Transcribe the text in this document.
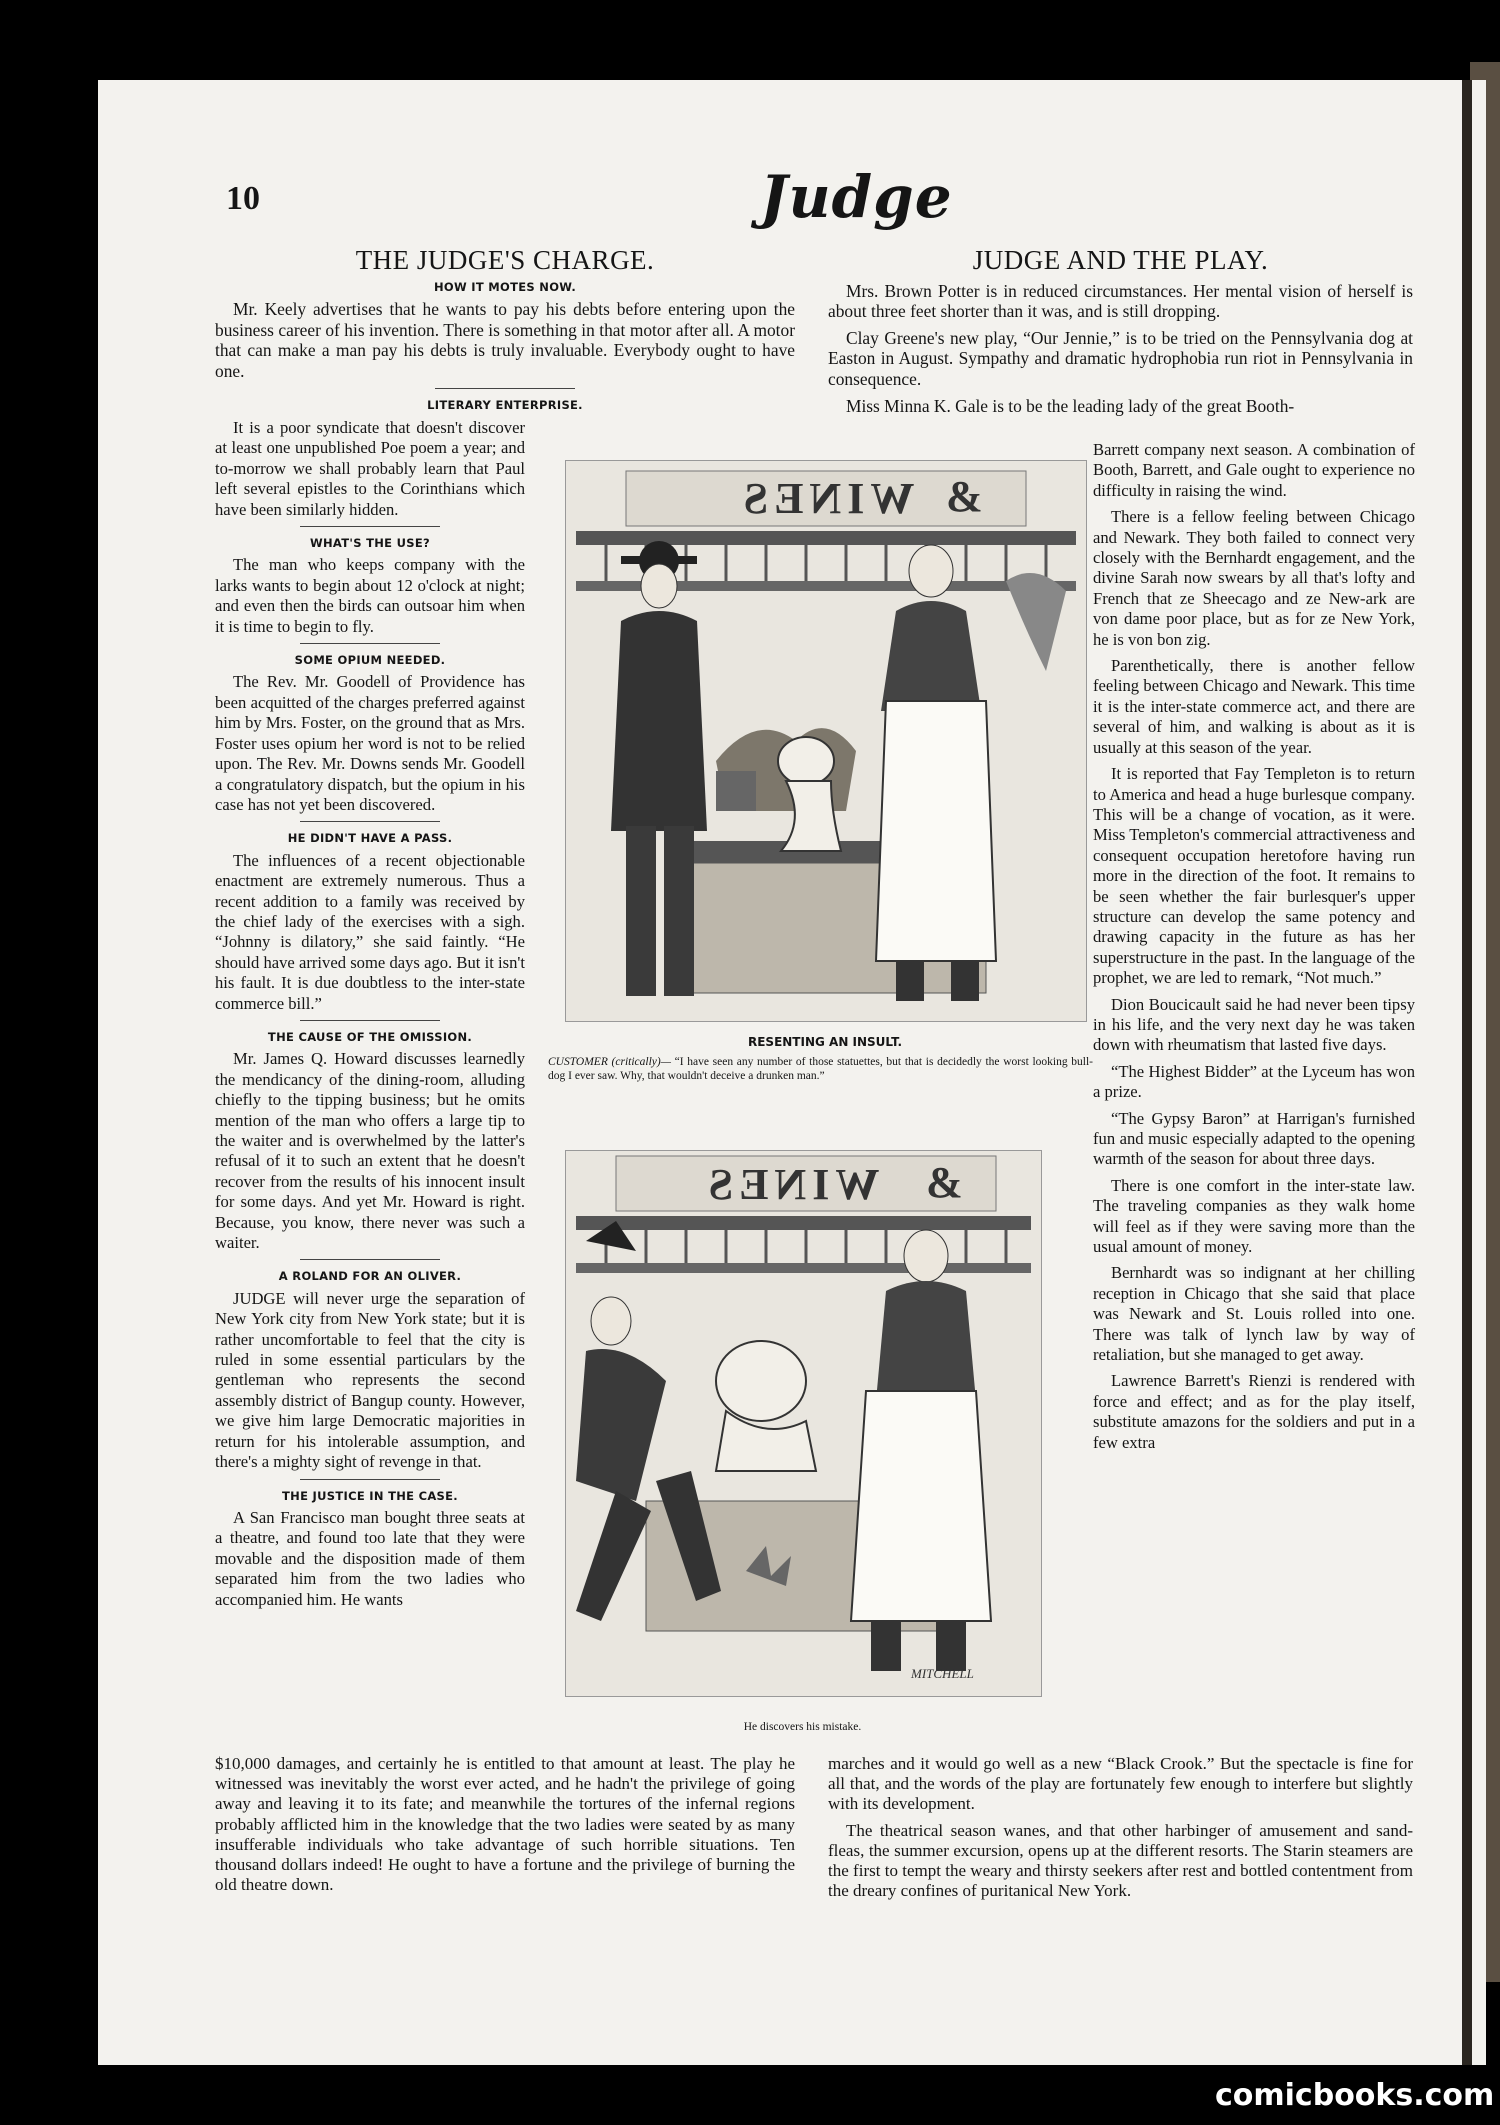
10	Judge
THE JUDGE'S CHARGE.
HOW IT MOTES NOW.

Mr. Keely advertises that he wants to pay his debts before entering upon the business career of his invention. There is something in that motor after all. A motor that can make a man pay his debts is truly invaluable. Everybody ought to have one.

LITERARY ENTERPRISE.

It is a poor syndicate that doesn't discover at least one unpublished Poe poem a year; and to-morrow we shall probably learn that Paul left several epistles to the Corinthians which have been similarly hidden.

WHAT'S THE USE?

The man who keeps company with the larks wants to begin about 12 o'clock at night; and even then the birds can outsoar him when it is time to begin to fly.

SOME OPIUM NEEDED.

The Rev. Mr. Goodell of Providence has been acquitted of the charges preferred against him by Mrs. Foster, on the ground that as Mrs. Foster uses opium her word is not to be relied upon. The Rev. Mr. Downs sends Mr. Goodell a congratulatory dispatch, but the opium in his case has not yet been discovered.

HE DIDN'T HAVE A PASS.

The influences of a recent objectionable enactment are extremely numerous. Thus a recent addition to a family was received by the chief lady of the exercises with a sigh. “Johnny is dilatory,” she said faintly. “He should have arrived some days ago. But it isn't his fault. It is due doubtless to the inter-state commerce bill.”

THE CAUSE OF THE OMISSION.

Mr. James Q. Howard discusses learnedly the mendicancy of the dining-room, alluding chiefly to the tipping business; but he omits mention of the man who offers a large tip to the waiter and is overwhelmed by the latter's refusal of it to such an extent that he doesn't recover from the results of his innocent insult for some days. And yet Mr. Howard is right. Because, you know, there never was such a waiter.

A ROLAND FOR AN OLIVER.

JUDGE will never urge the separation of New York city from New York state; but it is rather uncomfortable to feel that the city is ruled in some essential particulars by the gentleman who represents the second assembly district of Bangup county. However, we give him large Democratic majorities in return for his intolerable assumption, and there's a mighty sight of revenge in that.

THE JUSTICE IN THE CASE.

A San Francisco man bought three seats at a theatre, and found too late that they were movable and the disposition made of them separated him from the two ladies who accompanied him. He wants

$10,000 damages, and certainly he is entitled to that amount at least. The play he witnessed was inevitably the worst ever acted, and he hadn't the privilege of going away and leaving it to its fate; and meanwhile the tortures of the infernal regions probably afflicted him in the knowledge that the two ladies were seated by as many insufferable individuals who take advantage of such horrible situations. Ten thousand dollars indeed! He ought to have a fortune and the privilege of burning the old theatre down.

JUDGE AND THE PLAY.

Mrs. Brown Potter is in reduced circumstances. Her mental vision of herself is about three feet shorter than it was, and is still dropping.

Clay Greene's new play, “Our Jennie,” is to be tried on the Pennsylvania dog at Easton in August. Sympathy and dramatic hydrophobia run riot in Pennsylvania in consequence.

Miss Minna K. Gale is to be the leading lady of the great Booth-

Barrett company next season. A combination of Booth, Barrett, and Gale ought to experience no difficulty in raising the wind.

There is a fellow feeling between Chicago and Newark. They both failed to connect very closely with the Bernhardt engagement, and the divine Sarah now swears by all that's lofty and French that ze Sheecago and ze New-ark are von dame poor place, but as for ze New York, he is von bon zig.

Parenthetically, there is another fellow feeling between Chicago and Newark. This time it is the inter-state commerce act, and there are several of him, and walking is about as it is usually at this season of the year.

It is reported that Fay Templeton is to return to America and head a huge burlesque company. This will be a change of vocation, as it were. Miss Templeton's commercial attractiveness and consequent occupation heretofore having run more in the direction of the foot. It remains to be seen whether the fair burlesquer's upper structure can develop the same potency and drawing capacity in the future as has her superstructure in the past. In the language of the prophet, we are led to remark, “Not much.”

Dion Boucicault said he had never been tipsy in his life, and the very next day he was taken down with rheumatism that lasted five days.

“The Highest Bidder” at the Lyceum has won a prize.

“The Gypsy Baron” at Harrigan's furnished fun and music especially adapted to the opening warmth of the season for about three days.

There is one comfort in the inter-state law. The traveling companies as they walk home will feel as if they were saving more than the usual amount of money.

Bernhardt was so indignant at her chilling reception in Chicago that she said that place was Newark and St. Louis rolled into one. There was talk of lynch law by way of retaliation, but she managed to get away.

Lawrence Barrett's Rienzi is rendered with force and effect; and as for the play itself, substitute amazons for the soldiers and put in a few extra

marches and it would go well as a new “Black Crook.” But the spectacle is fine for all that, and the words of the play are fortunately few enough to interfere but slightly with its development.

The theatrical season wanes, and that other harbinger of amusement and sand-fleas, the summer excursion, opens up at the different resorts. The Starin steamers are the first to tempt the weary and thirsty seekers after rest and bottled contentment from the dreary confines of puritanical New York.

WINES &
RESENTING AN INSULT.
CUSTOMER (critically)— “I have seen any number of those statuettes, but that is decidedly the worst looking bull-dog I ever saw. Why, that wouldn't deceive a drunken man.”
WINES	&
MITCHELL
He discovers his mistake.
comicbooks.com
